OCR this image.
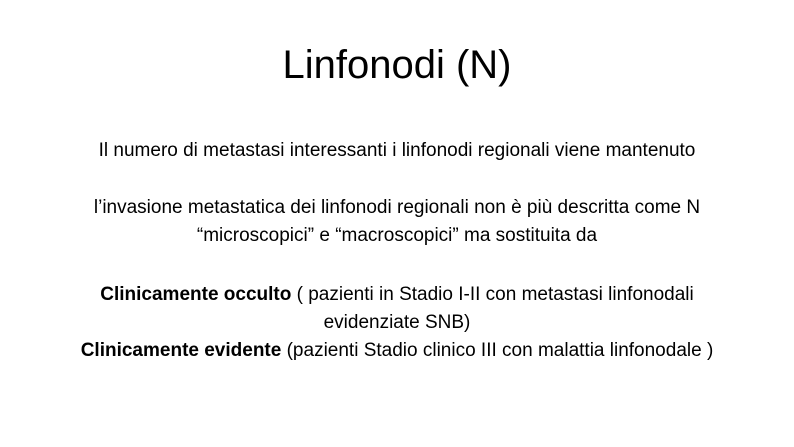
Linfonodi (N)

Il numero di metastasi interessanti i linfonodi regionali viene mantenuto

l’invasione metastatica dei linfonodi regionali non è più descritta come N
“microscopici” e “macroscopici” ma sostituita da

Clinicamente occulto ( pazienti in Stadio I-II con metastasi linfonodali
evidenziate SNB)
Clinicamente evidente (pazienti Stadio clinico III con malattia linfonodale )
